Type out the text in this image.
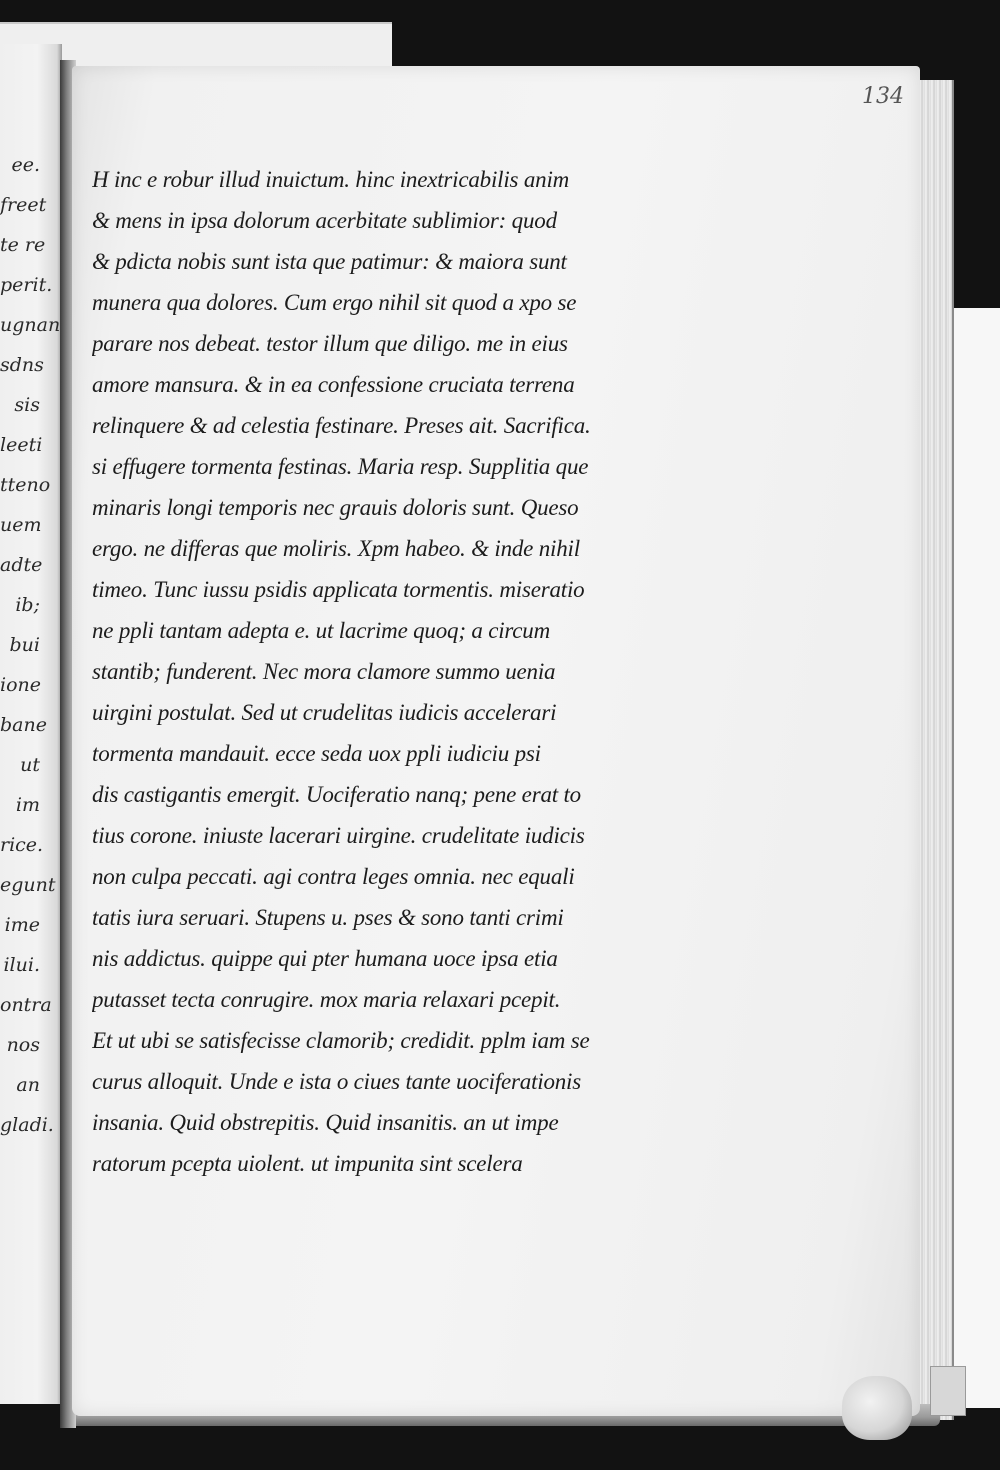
ee.
freet
te re
perit.
ugnan
sdns
sis
leeti
tteno
uem
adte
ib;
bui
ione
bane
ut
im
rice.
egunt
ime
ilui.
ontra
nos
an
gladi.
134
H inc e robur illud inuictum. hinc inextricabilis anim
& mens in ipsa dolorum acerbitate sublimior: quod
& pdicta nobis sunt ista que patimur: & maiora sunt
munera qua dolores. Cum ergo nihil sit quod a xpo se
parare nos debeat. testor illum que diligo. me in eius
amore mansura. & in ea confessione cruciata terrena
relinquere & ad celestia festinare. Preses ait. Sacrifica.
si effugere tormenta festinas. Maria resp. Supplitia que
minaris longi temporis nec grauis doloris sunt. Queso
ergo. ne differas que moliris. Xpm habeo. & inde nihil
timeo. Tunc iussu psidis applicata tormentis. miseratio
ne ppli tantam adepta e. ut lacrime quoq; a circum
stantib; funderent. Nec mora clamore summo uenia
uirgini postulat. Sed ut crudelitas iudicis accelerari
tormenta mandauit. ecce seda uox ppli iudiciu psi
dis castigantis emergit. Uociferatio nanq; pene erat to
tius corone. iniuste lacerari uirgine. crudelitate iudicis
non culpa peccati. agi contra leges omnia. nec equali
tatis iura seruari. Stupens u. pses & sono tanti crimi
nis addictus. quippe qui pter humana uoce ipsa etia
putasset tecta conrugire. mox maria relaxari pcepit.
Et ut ubi se satisfecisse clamorib; credidit. pplm iam se
curus alloquit. Unde e ista o ciues tante uociferationis
insania. Quid obstrepitis. Quid insanitis. an ut impe
ratorum pcepta uiolent. ut impunita sint scelera
